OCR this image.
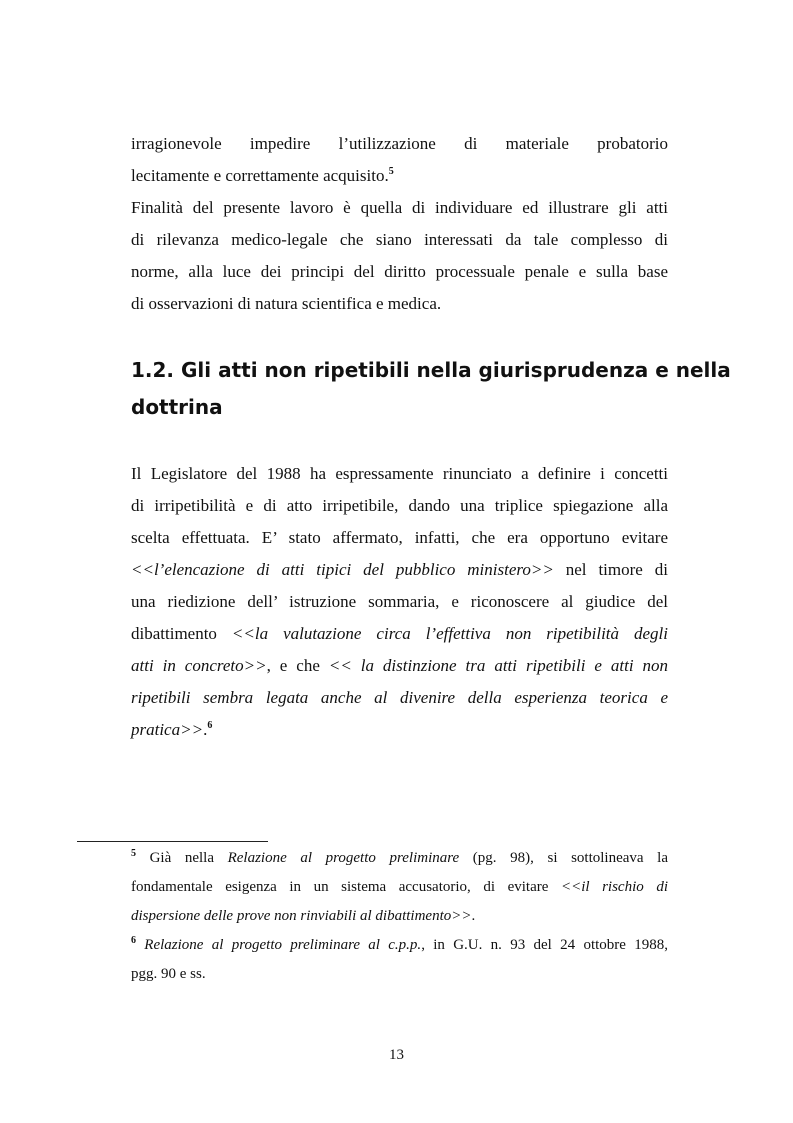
irragionevole impedire l’utilizzazione di materiale probatorio
lecitamente e correttamente acquisito.$^5$
Finalità del presente lavoro è quella di individuare ed illustrare gli atti
di rilevanza medico-legale che siano interessati da tale complesso di
norme, alla luce dei principi del diritto processuale penale e sulla base
di osservazioni di natura scientifica e medica.
1.2. Gli atti non ripetibili nella giurisprudenza e nella
dottrina
Il Legislatore del 1988 ha espressamente rinunciato a definire i concetti
di irripetibilità e di atto irripetibile, dando una triplice spiegazione alla
scelta effettuata. E’ stato affermato, infatti, che era opportuno evitare
<<l’elencazione di atti tipici del pubblico ministero>> nel timore di
una riedizione dell’ istruzione sommaria, e riconoscere al giudice del
dibattimento <<la valutazione circa l’effettiva non ripetibilità degli
atti in concreto>>, e che << la distinzione tra atti ripetibili e atti non
ripetibili sembra legata anche al divenire della esperienza teorica e
pratica>>.$^6$
$^5$ Già nella Relazione al progetto preliminare (pg. 98), si sottolineava la
fondamentale esigenza in un sistema accusatorio, di evitare <<il rischio di
dispersione delle prove non rinviabili al dibattimento>>.
$^6$ Relazione al progetto preliminare al c.p.p., in G.U. n. 93 del 24 ottobre 1988,
pgg. 90 e ss.
13
